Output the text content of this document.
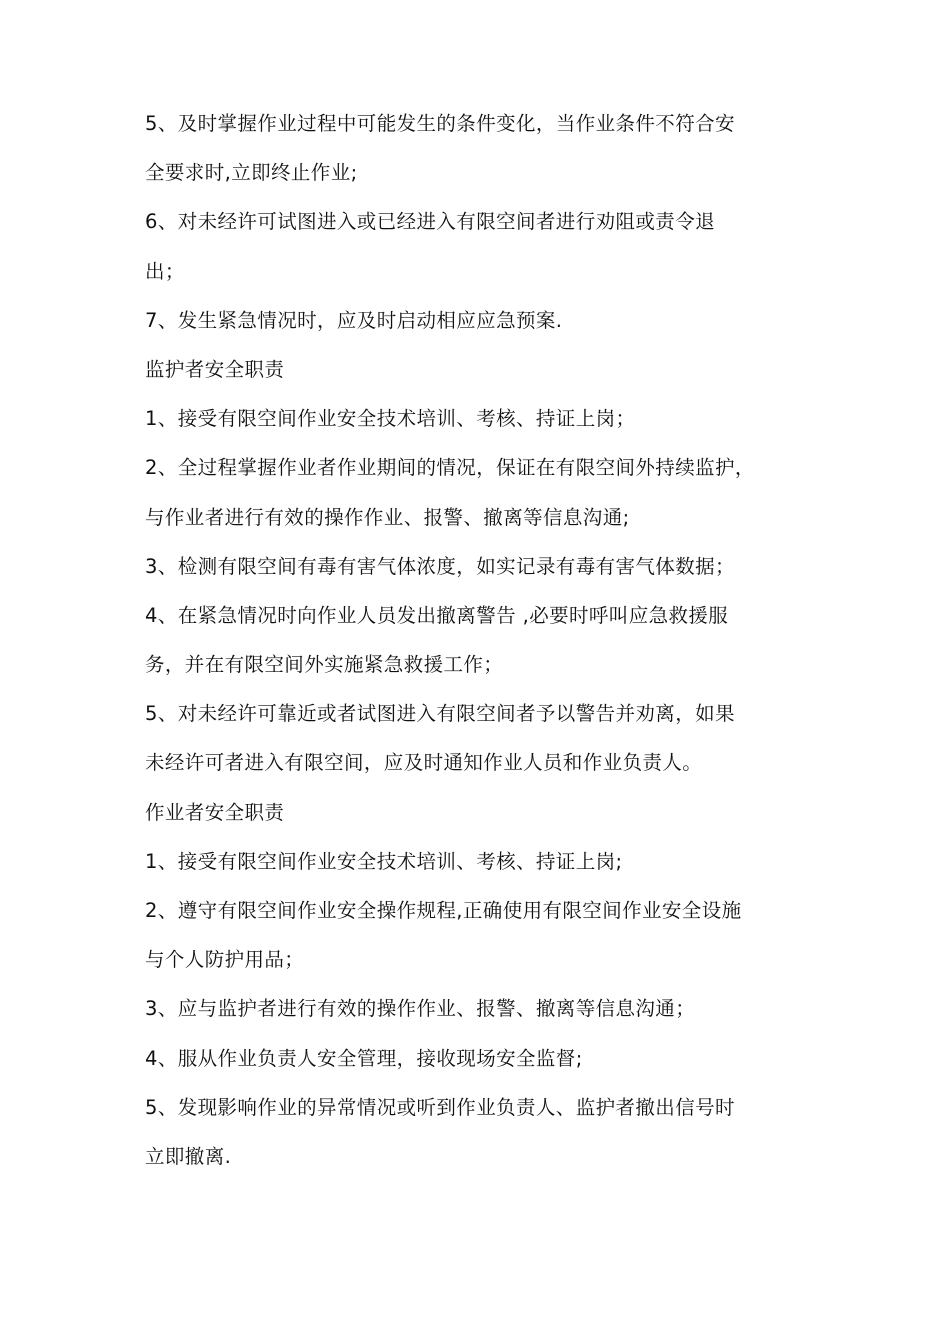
5、及时掌握作业过程中可能发生的条件变化，当作业条件不符合安
全要求时,立即终止作业;
6、对未经许可试图进入或已经进入有限空间者进行劝阻或责令退
出；
7、发生紧急情况时，应及时启动相应应急预案.
监护者安全职责
1、接受有限空间作业安全技术培训、考核、持证上岗；
2、全过程掌握作业者作业期间的情况，保证在有限空间外持续监护，
与作业者进行有效的操作作业、报警、撤离等信息沟通;
3、检测有限空间有毒有害气体浓度，如实记录有毒有害气体数据；
4、在紧急情况时向作业人员发出撤离警告 ,必要时呼叫应急救援服
务，并在有限空间外实施紧急救援工作；
5、对未经许可靠近或者试图进入有限空间者予以警告并劝离，如果
未经许可者进入有限空间，应及时通知作业人员和作业负责人。
作业者安全职责
1、接受有限空间作业安全技术培训、考核、持证上岗;
2、遵守有限空间作业安全操作规程,正确使用有限空间作业安全设施
与个人防护用品；
3、应与监护者进行有效的操作作业、报警、撤离等信息沟通；
4、服从作业负责人安全管理，接收现场安全监督;
5、发现影响作业的异常情况或听到作业负责人、监护者撤出信号时
立即撤离.
